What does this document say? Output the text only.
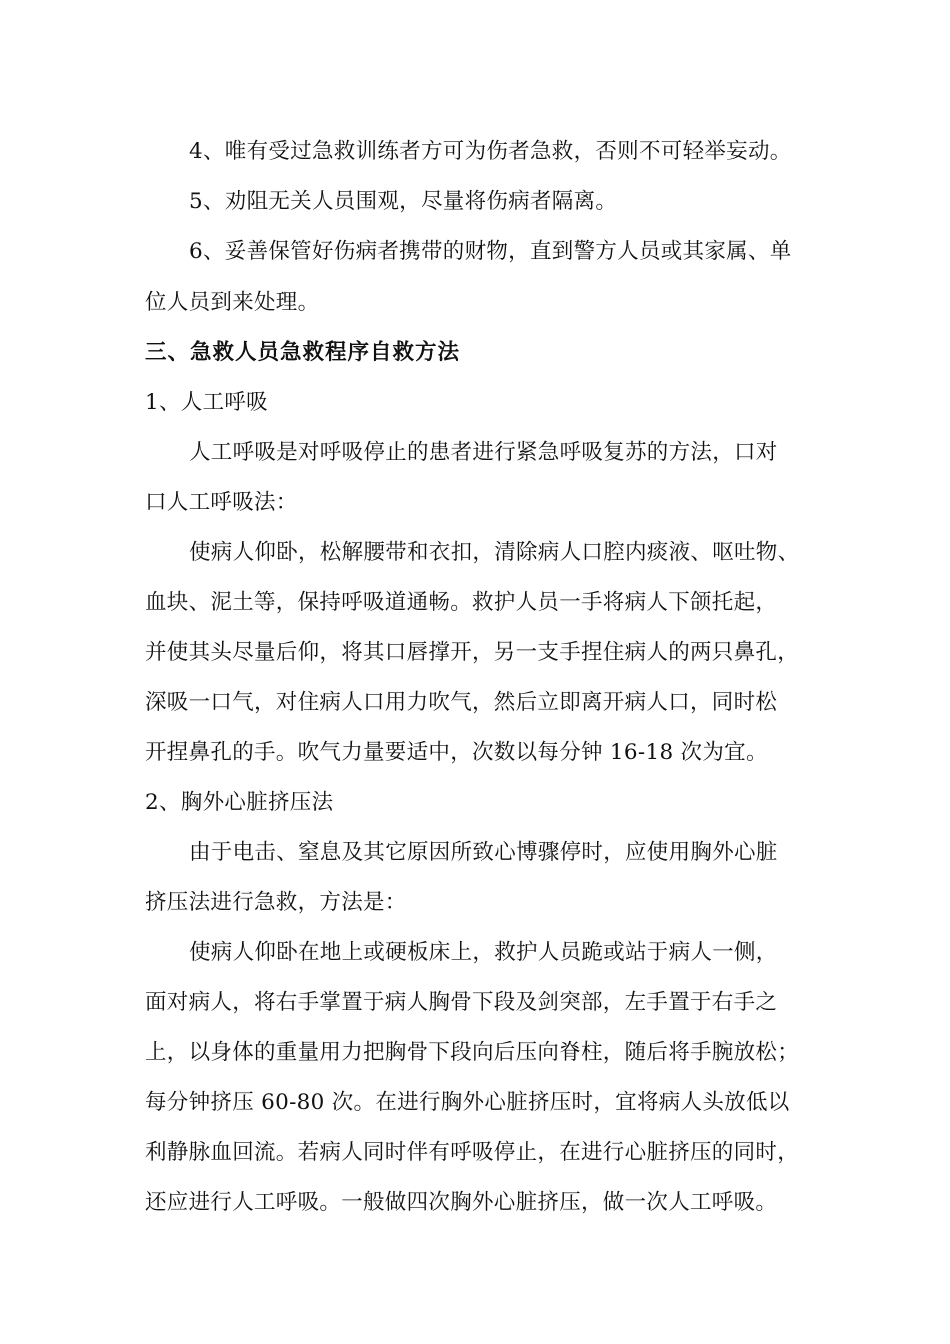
4、唯有受过急救训练者方可为伤者急救，否则不可轻举妄动。
5、劝阻无关人员围观，尽量将伤病者隔离。
6、妥善保管好伤病者携带的财物，直到警方人员或其家属、单
位人员到来处理。
三、急救人员急救程序自救方法
1、人工呼吸
人工呼吸是对呼吸停止的患者进行紧急呼吸复苏的方法，口对
口人工呼吸法：
使病人仰卧，松解腰带和衣扣，清除病人口腔内痰液、呕吐物、
血块、泥土等，保持呼吸道通畅。救护人员一手将病人下颌托起，
并使其头尽量后仰，将其口唇撑开，另一支手捏住病人的两只鼻孔，
深吸一口气，对住病人口用力吹气，然后立即离开病人口，同时松
开捏鼻孔的手。吹气力量要适中，次数以每分钟 16-18 次为宜。
2、胸外心脏挤压法
由于电击、窒息及其它原因所致心博骤停时，应使用胸外心脏
挤压法进行急救，方法是：
使病人仰卧在地上或硬板床上，救护人员跪或站于病人一侧，
面对病人，将右手掌置于病人胸骨下段及剑突部，左手置于右手之
上，以身体的重量用力把胸骨下段向后压向脊柱，随后将手腕放松；
每分钟挤压 60-80 次。在进行胸外心脏挤压时，宜将病人头放低以
利静脉血回流。若病人同时伴有呼吸停止，在进行心脏挤压的同时，
还应进行人工呼吸。一般做四次胸外心脏挤压，做一次人工呼吸。
